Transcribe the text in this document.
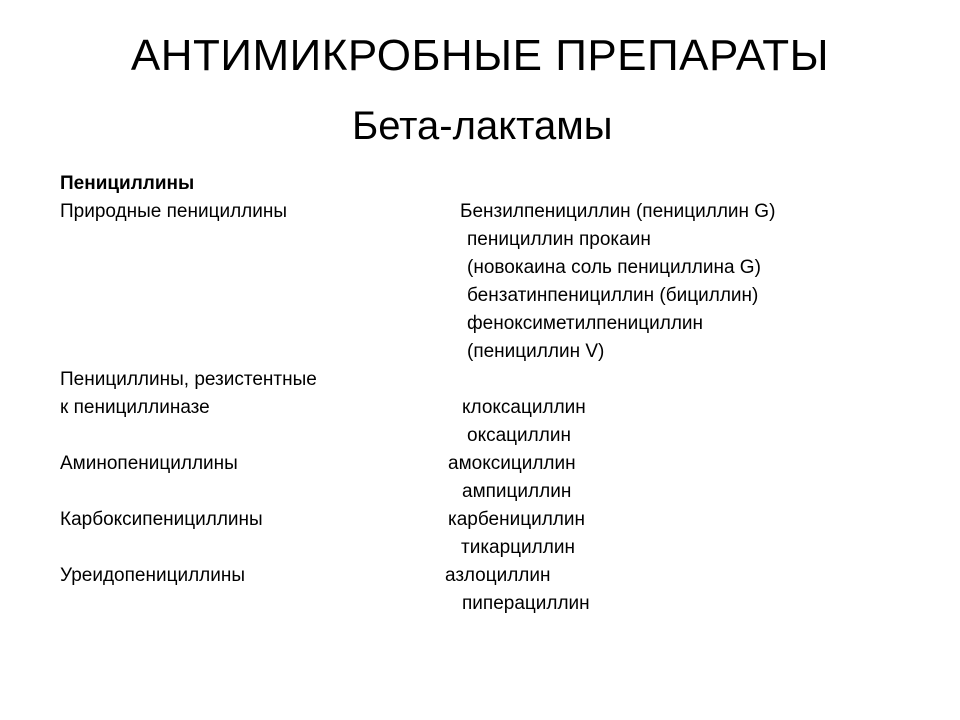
АНТИМИКРОБНЫЕ ПРЕПАРАТЫ
Бета-лактамы
Пенициллины
Природные пенициллины	Бензилпенициллин (пенициллин G)
пенициллин прокаин
(новокаина соль пенициллина G)
бензатинпенициллин (бициллин)
феноксиметилпенициллин
(пенициллин V)
Пенициллины, резистентные
к пенициллиназе	клоксациллин
оксациллин
Аминопенициллины	амоксициллин
ампициллин
Карбоксипенициллины	карбенициллин
тикарциллин
Уреидопенициллины	азлоциллин
пиперациллин
